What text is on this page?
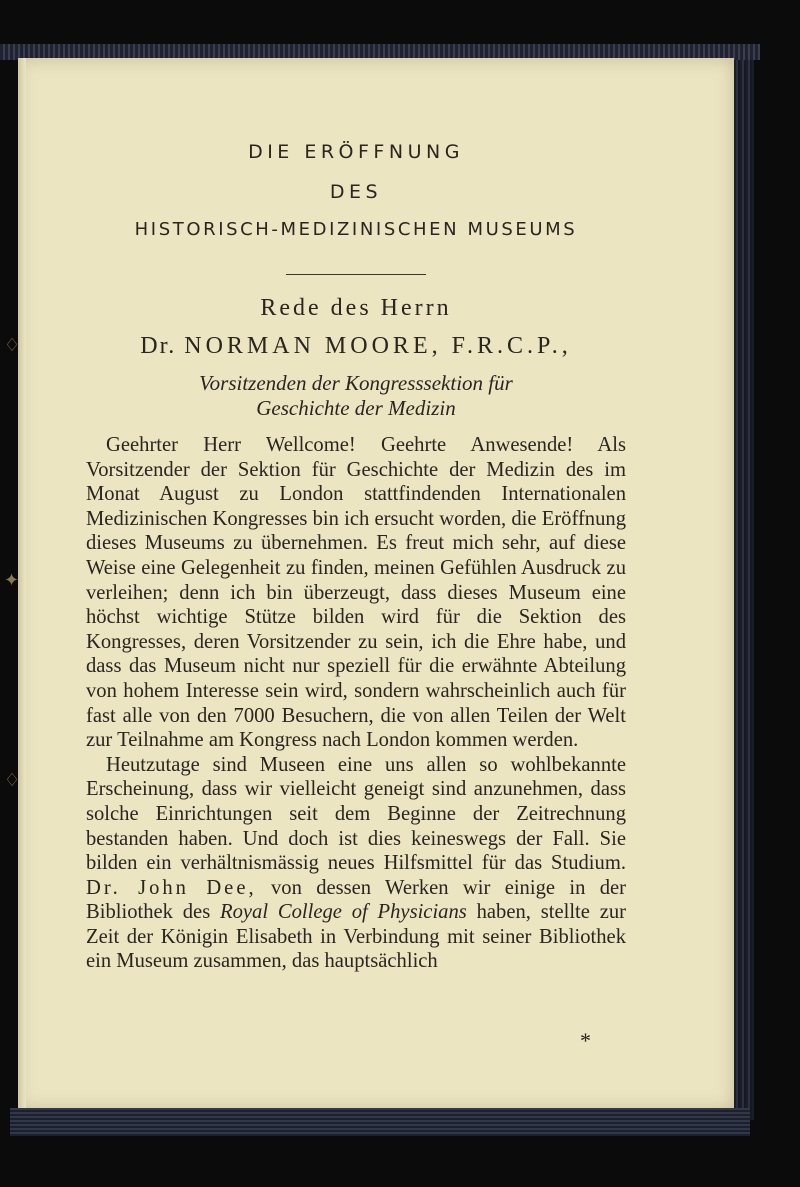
♢
✦
♢

DIE ERÖFFNUNG

DES

HISTORISCH-MEDIZINISCHEN MUSEUMS

Rede des Herrn
Dr. NORMAN MOORE, F.R.C.P.,
Vorsitzenden der Kongresssektion für
Geschichte der Medizin

Geehrter Herr Wellcome! Geehrte Anwesende! Als Vorsitzender der Sektion für Geschichte der Medizin des im Monat August zu London stattfindenden Internationalen Medizinischen Kongresses bin ich ersucht worden, die Eröffnung dieses Museums zu übernehmen. Es freut mich sehr, auf diese Weise eine Gelegenheit zu finden, meinen Gefühlen Ausdruck zu verleihen; denn ich bin überzeugt, dass dieses Museum eine höchst wichtige Stütze bilden wird für die Sektion des Kongresses, deren Vorsitzender zu sein, ich die Ehre habe, und dass das Museum nicht nur speziell für die erwähnte Abteilung von hohem Interesse sein wird, sondern wahrscheinlich auch für fast alle von den 7000 Besuchern, die von allen Teilen der Welt zur Teilnahme am Kongress nach London kommen werden.

Heutzutage sind Museen eine uns allen so wohlbekannte Erscheinung, dass wir vielleicht geneigt sind anzunehmen, dass solche Einrichtungen seit dem Beginne der Zeitrechnung bestanden haben. Und doch ist dies keineswegs der Fall. Sie bilden ein verhältnismässig neues Hilfsmittel für das Studium. Dr. John Dee, von dessen Werken wir einige in der Bibliothek des Royal College of Physicians haben, stellte zur Zeit der Königin Elisabeth in Verbindung mit seiner Bibliothek ein Museum zusammen, das hauptsächlich

*
